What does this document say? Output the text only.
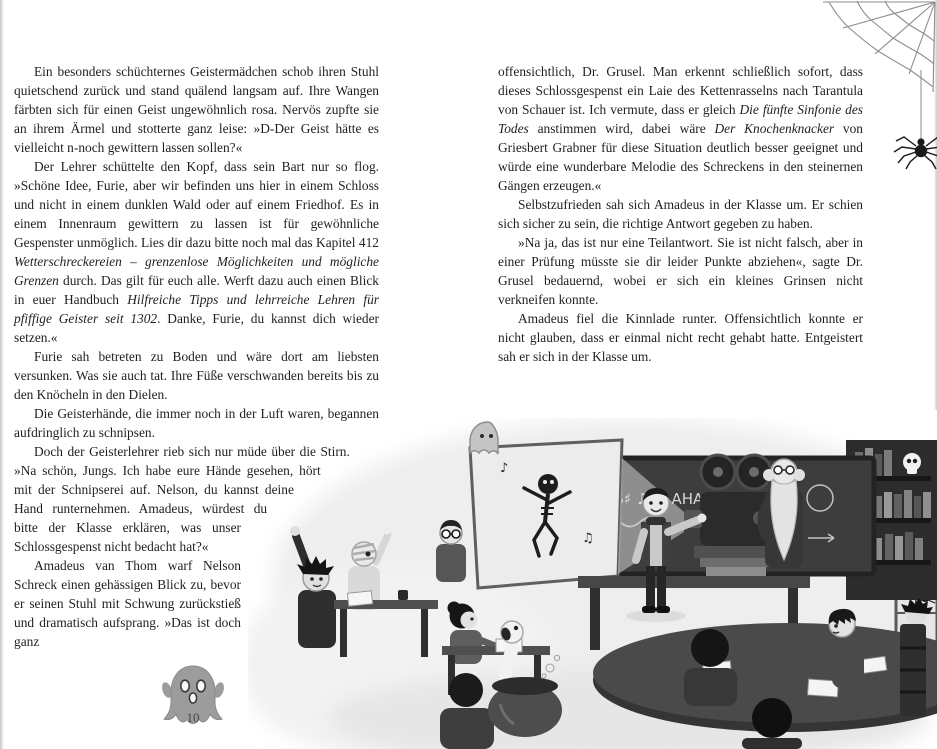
Ein besonders schüchternes Geistermädchen schob ihren Stuhl quietschend zurück und stand quälend langsam auf. Ihre Wangen färbten sich für einen Geist ungewöhnlich rosa. Nervös zupfte sie an ihrem Ärmel und stotterte ganz leise: »D-Der Geist hätte es vielleicht n-noch gewittern lassen sollen?«

Der Lehrer schüttelte den Kopf, dass sein Bart nur so flog. »Schöne Idee, Furie, aber wir befinden uns hier in einem Schloss und nicht in einem dunklen Wald oder auf einem Friedhof. Es in einem Innenraum gewittern zu lassen ist für gewöhnliche Gespenster unmöglich. Lies dir dazu bitte noch mal das Kapitel 412 Wetterschreckereien – grenzenlose Möglichkeiten und mögliche Grenzen durch. Das gilt für euch alle. Werft dazu auch einen Blick in euer Handbuch Hilfreiche Tipps und lehrreiche Lehren für pfiffige Geister seit 1302. Danke, Furie, du kannst dich wieder setzen.«

Furie sah betreten zu Boden und wäre dort am liebsten versunken. Was sie auch tat. Ihre Füße verschwanden bereits bis zu den Knöcheln in den Dielen.

Die Geisterhände, die immer noch in der Luft waren, begannen aufdringlich zu schnipsen.

Doch der Geisterlehrer rieb sich nur müde über die Stirn. »Na schön, Jungs. Ich habe eure Hände gesehen, hört mit der Schnipserei auf. Nelson, du kannst deine Hand runternehmen. Amadeus, würdest du bitte der Klasse erklären, was unser Schlossgespenst nicht bedacht hat?«

Amadeus van Thom warf Nelson Schreck einen gehässigen Blick zu, bevor er seinen Stuhl mit Schwung zurückstieß und dramatisch aufsprang. »Das ist doch ganz

offensichtlich, Dr. Grusel. Man erkennt schließlich sofort, dass dieses Schlossgespenst ein Laie des Kettenrasselns nach Tarantula von Schauer ist. Ich vermute, dass er gleich Die fünfte Sinfonie des Todes anstimmen wird, dabei wäre Der Knochenknacker von Griesbert Grabner für diese Situation deutlich besser geeignet und würde eine wunderbare Melodie des Schreckens in den steinernen Gängen erzeugen.«

Selbstzufrieden sah sich Amadeus in der Klasse um. Er schien sich sicher zu sein, die richtige Antwort gegeben zu haben.

»Na ja, das ist nur eine Teilantwort. Sie ist nicht falsch, aber in einer Prüfung müsste sie dir leider Punkte abziehen«, sagte Dr. Grusel bedauernd, wobei er sich ein kleines Grinsen nicht verkneifen konnte.

Amadeus fiel die Kinnlade runter. Offensichtlich konnte er nicht glauben, dass er einmal nicht recht gehabt hatte. Entgeistert sah er sich in der Klasse um.

♪
♫
10
